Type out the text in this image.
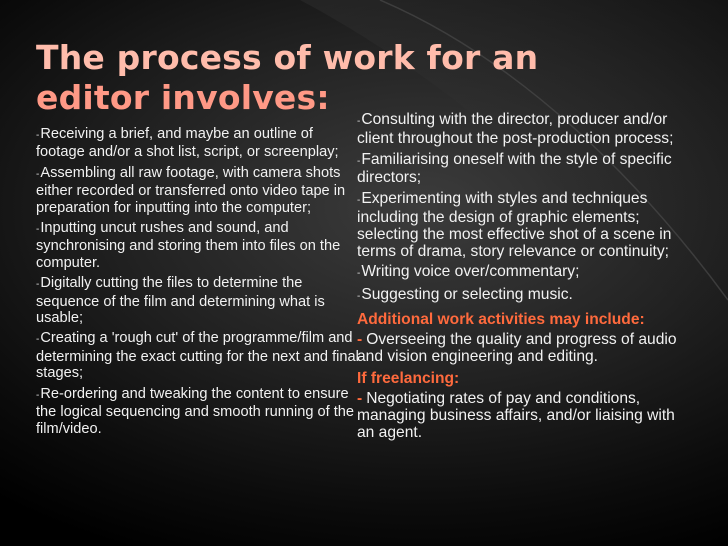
The process of work for an
editor involves:
-Receiving a brief, and maybe an outline of footage and/or a shot list, script, or screenplay;
-Assembling all raw footage, with camera shots either recorded or transferred onto video tape in preparation for inputting into the computer;
-Inputting uncut rushes and sound, and synchronising and storing them into files on the computer.
-Digitally cutting the files to determine the sequence of the film and determining what is usable;
-Creating a 'rough cut' of the programme/film and determining the exact cutting for the next and final stages;
-Re-ordering and tweaking the content to ensure the logical sequencing and smooth running of the film/video.
-Consulting with the director, producer and/or client throughout the post-production process;
-Familiarising oneself with the style of specific directors;
-Experimenting with styles and techniques including the design of graphic elements;
selecting the most effective shot of a scene in terms of drama, story relevance or continuity;
-Writing voice over/commentary;
-Suggesting or selecting music.
Additional work activities may include:
- Overseeing the quality and progress of audio and vision engineering and editing.
If freelancing:
- Negotiating rates of pay and conditions, managing business affairs, and/or liaising with an agent.
